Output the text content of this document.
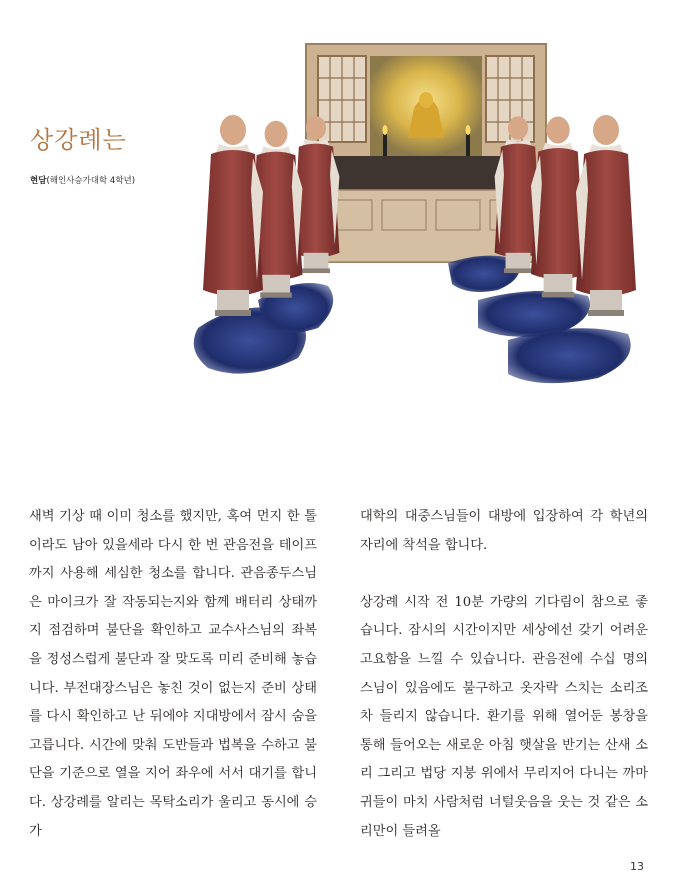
상강례는
현담(해인사승가대학 4학년)

새벽 기상 때 이미 청소를 했지만, 혹여 먼지 한 톨이라도 남아 있을세라 다시 한 번 관음전을 테이프까지 사용해 세심한 청소를 합니다. 관음종두스님은 마이크가 잘 작동되는지와 함께 배터리 상태까지 점검하며 불단을 확인하고 교수사스님의 좌복을 정성스럽게 불단과 잘 맞도록 미리 준비해 놓습니다. 부전대장스님은 놓친 것이 없는지 준비 상태를 다시 확인하고 난 뒤에야 지대방에서 잠시 숨을 고릅니다. 시간에 맞춰 도반들과 법복을 수하고 불단을 기준으로 열을 지어 좌우에 서서 대기를 합니다. 상강례를 알리는 목탁소리가 울리고 동시에 승가

대학의 대중스님들이 대방에 입장하여 각 학년의 자리에 착석을 합니다.

상강례 시작 전 10분 가량의 기다림이 참으로 좋습니다. 잠시의 시간이지만 세상에선 갖기 어려운 고요함을 느낄 수 있습니다. 관음전에 수십 명의 스님이 있음에도 불구하고 옷자락 스치는 소리조차 들리지 않습니다. 환기를 위해 열어둔 봉창을 통해 들어오는 새로운 아침 햇살을 반기는 산새 소리 그리고 법당 지붕 위에서 무리지어 다니는 까마귀들이 마치 사람처럼 너털웃음을 웃는 것 같은 소리만이 들려올

13
